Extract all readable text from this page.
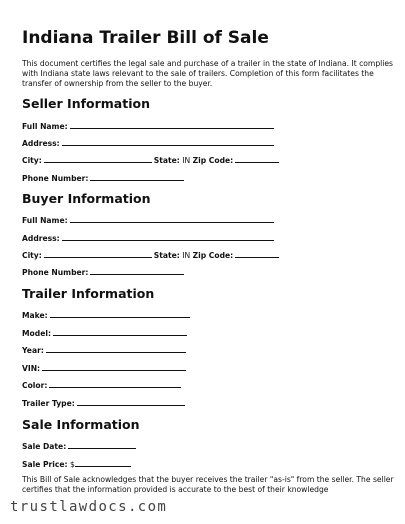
Indiana Trailer Bill of Sale
This document certifies the legal sale and purchase of a trailer in the state of Indiana. It complies with Indiana state laws relevant to the sale of trailers. Completion of this form facilitates the transfer of ownership from the seller to the buyer.
Seller Information
Full Name:
Address:
City:	State: IN Zip Code:
Phone Number:
Buyer Information
Full Name:
Address:
City:	State: IN Zip Code:
Phone Number:
Trailer Information
Make:
Model:
Year:
VIN:
Color:
Trailer Type:
Sale Information
Sale Date:
Sale Price: $
This Bill of Sale acknowledges that the buyer receives the trailer "as-is" from the seller. The seller certifies that the information provided is accurate to the best of their knowledge
trustlawdocs.com
